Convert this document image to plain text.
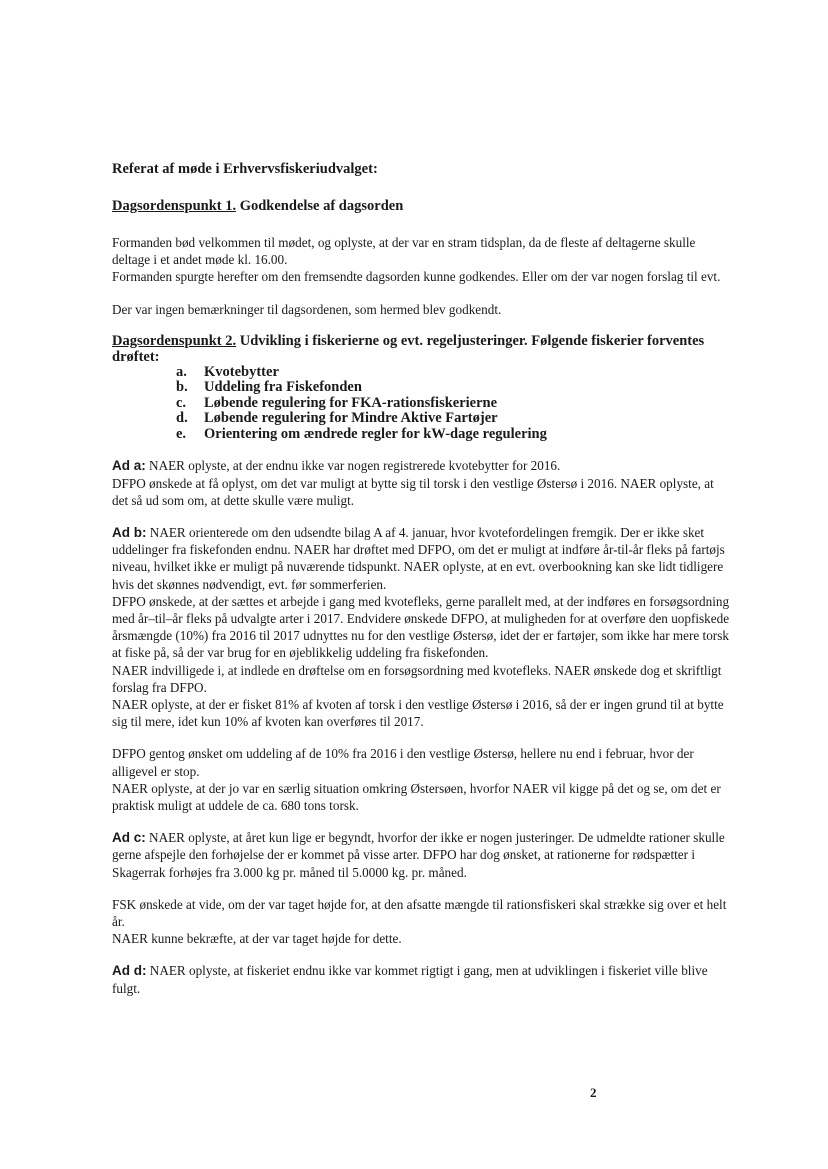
Referat af møde i Erhvervsfiskeriudvalget:
Dagsordenspunkt 1. Godkendelse af dagsorden

Formanden bød velkommen til mødet, og oplyste, at der var en stram tidsplan, da de fleste af deltagerne skulle deltage i et andet møde kl. 16.00.

Formanden spurgte herefter om den fremsendte dagsorden kunne godkendes. Eller om der var nogen forslag til evt.

Der var ingen bemærkninger til dagsordenen, som hermed blev godkendt.

Dagsordenspunkt 2. Udvikling i fiskerierne og evt. regeljusteringer. Følgende fiskerier forventes drøftet:
a.	Kvotebytter
b.	Uddeling fra Fiskefonden
c.	Løbende regulering for FKA-rationsfiskerierne
d.	Løbende regulering for Mindre Aktive Fartøjer
e.	Orientering om ændrede regler for kW-dage regulering

Ad a: NAER oplyste, at der endnu ikke var nogen registrerede kvotebytter for 2016.

DFPO ønskede at få oplyst, om det var muligt at bytte sig til torsk i den vestlige Østersø i 2016. NAER oplyste, at det så ud som om, at dette skulle være muligt.

Ad b: NAER orienterede om den udsendte bilag A af 4. januar, hvor kvotefordelingen fremgik. Der er ikke sket uddelinger fra fiskefonden endnu. NAER har drøftet med DFPO, om det er muligt at indføre år-til-år fleks på fartøjs niveau, hvilket ikke er muligt på nuværende tidspunkt. NAER oplyste, at en evt. overbookning kan ske lidt tidligere hvis det skønnes nødvendigt, evt. før sommerferien.

DFPO ønskede, at der sættes et arbejde i gang med kvotefleks, gerne parallelt med, at der indføres en forsøgsordning med år–til–år fleks på udvalgte arter i 2017. Endvidere ønskede DFPO, at muligheden for at overføre den uopfiskede årsmængde (10%) fra 2016 til 2017 udnyttes nu for den vestlige Østersø, idet der er fartøjer, som ikke har mere torsk at fiske på, så der var brug for en øjeblikkelig uddeling fra fiskefonden.

NAER indvilligede i, at indlede en drøftelse om en forsøgsordning med kvotefleks. NAER ønskede dog et skriftligt forslag fra DFPO.

NAER oplyste, at der er fisket 81% af kvoten af torsk i den vestlige Østersø i 2016, så der er ingen grund til at bytte sig til mere, idet kun 10% af kvoten kan overføres til 2017.

DFPO gentog ønsket om uddeling af de 10% fra 2016 i den vestlige Østersø, hellere nu end i februar, hvor der alligevel er stop.

NAER oplyste, at der jo var en særlig situation omkring Østersøen, hvorfor NAER vil kigge på det og se, om det er praktisk muligt at uddele de ca. 680 tons torsk.

Ad c: NAER oplyste, at året kun lige er begyndt, hvorfor der ikke er nogen justeringer. De udmeldte rationer skulle gerne afspejle den forhøjelse der er kommet på visse arter. DFPO har dog ønsket, at rationerne for rødspætter i Skagerrak forhøjes fra 3.000 kg pr. måned til 5.0000 kg. pr. måned.

FSK ønskede at vide, om der var taget højde for, at den afsatte mængde til rationsfiskeri skal strække sig over et helt år.

NAER kunne bekræfte, at der var taget højde for dette.

Ad d: NAER oplyste, at fiskeriet endnu ikke var kommet rigtigt i gang, men at udviklingen i fiskeriet ville blive fulgt.

2
